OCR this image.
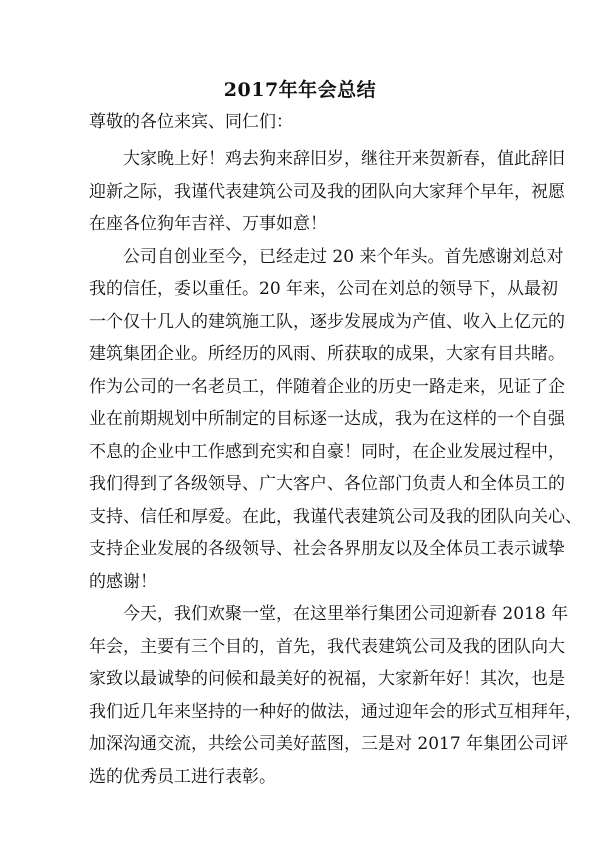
2017年年会总结
尊敬的各位来宾、同仁们：
大家晚上好！鸡去狗来辞旧岁，继往开来贺新春，值此辞旧
迎新之际，我谨代表建筑公司及我的团队向大家拜个早年，祝愿
在座各位狗年吉祥、万事如意！
公司自创业至今，已经走过 20 来个年头。首先感谢刘总对
我的信任，委以重任。20 年来，公司在刘总的领导下，从最初
一个仅十几人的建筑施工队，逐步发展成为产值、收入上亿元的
建筑集团企业。所经历的风雨、所获取的成果，大家有目共睹。
作为公司的一名老员工，伴随着企业的历史一路走来，见证了企
业在前期规划中所制定的目标逐一达成，我为在这样的一个自强
不息的企业中工作感到充实和自豪！同时，在企业发展过程中，
我们得到了各级领导、广大客户、各位部门负责人和全体员工的
支持、信任和厚爱。在此，我谨代表建筑公司及我的团队向关心、
支持企业发展的各级领导、社会各界朋友以及全体员工表示诚挚
的感谢！
今天，我们欢聚一堂，在这里举行集团公司迎新春 2018 年
年会，主要有三个目的，首先，我代表建筑公司及我的团队向大
家致以最诚挚的问候和最美好的祝福，大家新年好！其次，也是
我们近几年来坚持的一种好的做法，通过迎年会的形式互相拜年，
加深沟通交流，共绘公司美好蓝图，三是对 2017 年集团公司评
选的优秀员工进行表彰。
